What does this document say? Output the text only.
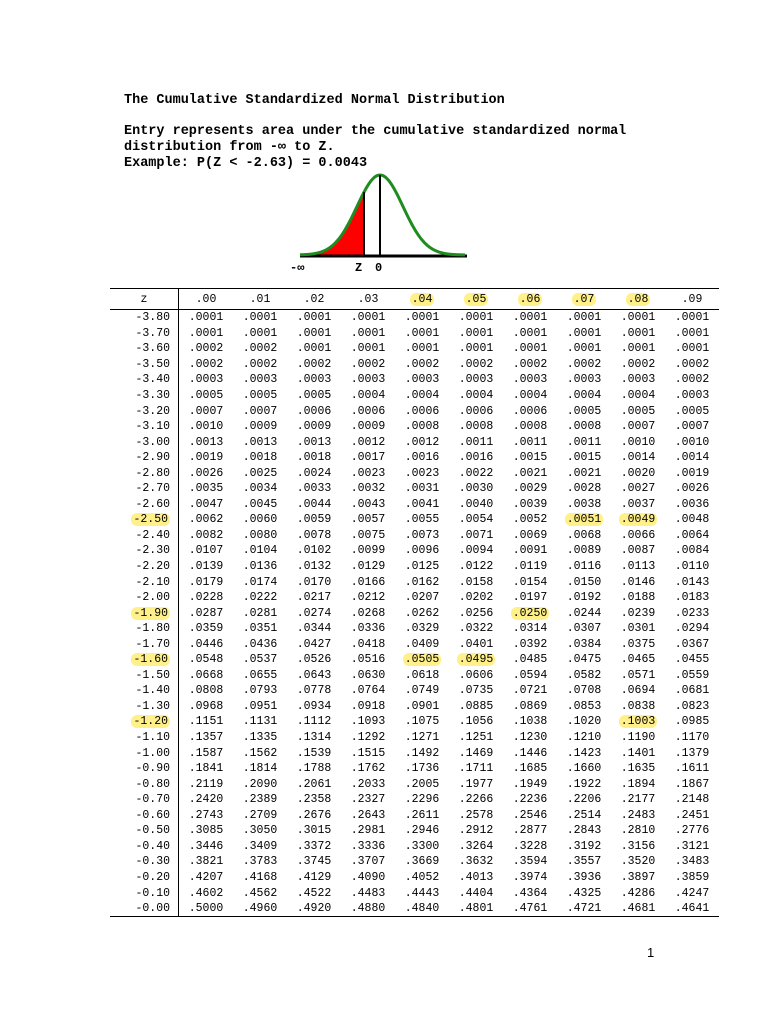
The Cumulative Standardized Normal Distribution
Entry represents area under the cumulative standardized normal
distribution from -∞ to Z.
Example: P(Z < -2.63) = 0.0043
-∞	Z 0
z	.00	.01	.02	.03	.04	.05	.06	.07	.08	.09
-3.80	.0001	.0001	.0001	.0001	.0001	.0001	.0001	.0001	.0001	.0001
-3.70	.0001	.0001	.0001	.0001	.0001	.0001	.0001	.0001	.0001	.0001
-3.60	.0002	.0002	.0001	.0001	.0001	.0001	.0001	.0001	.0001	.0001
-3.50	.0002	.0002	.0002	.0002	.0002	.0002	.0002	.0002	.0002	.0002
-3.40	.0003	.0003	.0003	.0003	.0003	.0003	.0003	.0003	.0003	.0002
-3.30	.0005	.0005	.0005	.0004	.0004	.0004	.0004	.0004	.0004	.0003
-3.20	.0007	.0007	.0006	.0006	.0006	.0006	.0006	.0005	.0005	.0005
-3.10	.0010	.0009	.0009	.0009	.0008	.0008	.0008	.0008	.0007	.0007
-3.00	.0013	.0013	.0013	.0012	.0012	.0011	.0011	.0011	.0010	.0010
-2.90	.0019	.0018	.0018	.0017	.0016	.0016	.0015	.0015	.0014	.0014
-2.80	.0026	.0025	.0024	.0023	.0023	.0022	.0021	.0021	.0020	.0019
-2.70	.0035	.0034	.0033	.0032	.0031	.0030	.0029	.0028	.0027	.0026
-2.60	.0047	.0045	.0044	.0043	.0041	.0040	.0039	.0038	.0037	.0036
-2.50	.0062	.0060	.0059	.0057	.0055	.0054	.0052	.0051	.0049	.0048
-2.40	.0082	.0080	.0078	.0075	.0073	.0071	.0069	.0068	.0066	.0064
-2.30	.0107	.0104	.0102	.0099	.0096	.0094	.0091	.0089	.0087	.0084
-2.20	.0139	.0136	.0132	.0129	.0125	.0122	.0119	.0116	.0113	.0110
-2.10	.0179	.0174	.0170	.0166	.0162	.0158	.0154	.0150	.0146	.0143
-2.00	.0228	.0222	.0217	.0212	.0207	.0202	.0197	.0192	.0188	.0183
-1.90	.0287	.0281	.0274	.0268	.0262	.0256	.0250	.0244	.0239	.0233
-1.80	.0359	.0351	.0344	.0336	.0329	.0322	.0314	.0307	.0301	.0294
-1.70	.0446	.0436	.0427	.0418	.0409	.0401	.0392	.0384	.0375	.0367
-1.60	.0548	.0537	.0526	.0516	.0505	.0495	.0485	.0475	.0465	.0455
-1.50	.0668	.0655	.0643	.0630	.0618	.0606	.0594	.0582	.0571	.0559
-1.40	.0808	.0793	.0778	.0764	.0749	.0735	.0721	.0708	.0694	.0681
-1.30	.0968	.0951	.0934	.0918	.0901	.0885	.0869	.0853	.0838	.0823
-1.20	.1151	.1131	.1112	.1093	.1075	.1056	.1038	.1020	.1003	.0985
-1.10	.1357	.1335	.1314	.1292	.1271	.1251	.1230	.1210	.1190	.1170
-1.00	.1587	.1562	.1539	.1515	.1492	.1469	.1446	.1423	.1401	.1379
-0.90	.1841	.1814	.1788	.1762	.1736	.1711	.1685	.1660	.1635	.1611
-0.80	.2119	.2090	.2061	.2033	.2005	.1977	.1949	.1922	.1894	.1867
-0.70	.2420	.2389	.2358	.2327	.2296	.2266	.2236	.2206	.2177	.2148
-0.60	.2743	.2709	.2676	.2643	.2611	.2578	.2546	.2514	.2483	.2451
-0.50	.3085	.3050	.3015	.2981	.2946	.2912	.2877	.2843	.2810	.2776
-0.40	.3446	.3409	.3372	.3336	.3300	.3264	.3228	.3192	.3156	.3121
-0.30	.3821	.3783	.3745	.3707	.3669	.3632	.3594	.3557	.3520	.3483
-0.20	.4207	.4168	.4129	.4090	.4052	.4013	.3974	.3936	.3897	.3859
-0.10	.4602	.4562	.4522	.4483	.4443	.4404	.4364	.4325	.4286	.4247
-0.00	.5000	.4960	.4920	.4880	.4840	.4801	.4761	.4721	.4681	.4641
1
